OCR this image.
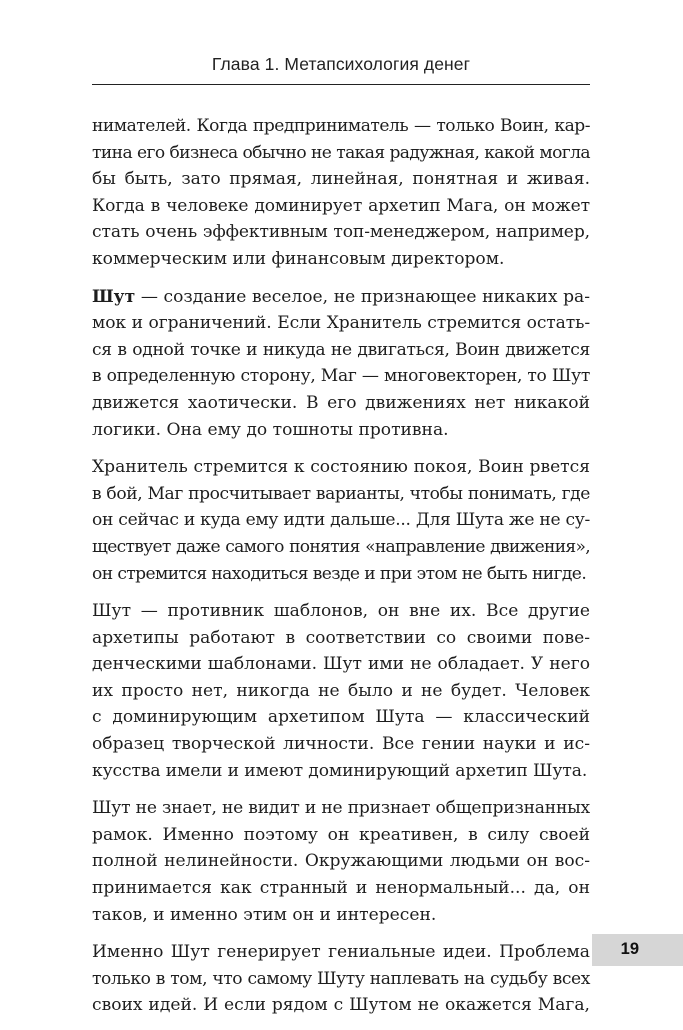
Глава 1. Метапсихология денег

нимателей. Когда предприниматель — только Воин, кар-
тина его бизнеса обычно не такая радужная, какой могла
бы быть, зато прямая, линейная, понятная и живая.
Когда в человеке доминирует архетип Мага, он может
стать очень эффективным топ-менеджером, например,
коммерческим или финансовым директором.

Шут — создание веселое, не признающее никаких ра-
мок и ограничений. Если Хранитель стремится остать-
ся в одной точке и никуда не двигаться, Воин движется
в определенную сторону, Маг — многовекторен, то Шут
движется хаотически. В его движениях нет никакой
логики. Она ему до тошноты противна.

Хранитель стремится к состоянию покоя, Воин рвется
в бой, Маг просчитывает варианты, чтобы понимать, где
он сейчас и куда ему идти дальше... Для Шута же не су-
ществует даже самого понятия «направление движения»,
он стремится находиться везде и при этом не быть нигде.

Шут — противник шаблонов, он вне их. Все другие
архетипы работают в соответствии со своими пове-
денческими шаблонами. Шут ими не обладает. У него
их просто нет, никогда не было и не будет. Человек
с доминирующим архетипом Шута — классический
образец творческой личности. Все гении науки и ис-
кусства имели и имеют доминирующий архетип Шута.

Шут не знает, не видит и не признает общепризнанных
рамок. Именно поэтому он креативен, в силу своей
полной нелинейности. Окружающими людьми он вос-
принимается как странный и ненормальный... да, он
таков, и именно этим он и интересен.

Именно Шут генерирует гениальные идеи. Проблема
только в том, что самому Шуту наплевать на судьбу всех
своих идей. И если рядом с Шутом не окажется Мага,

19
